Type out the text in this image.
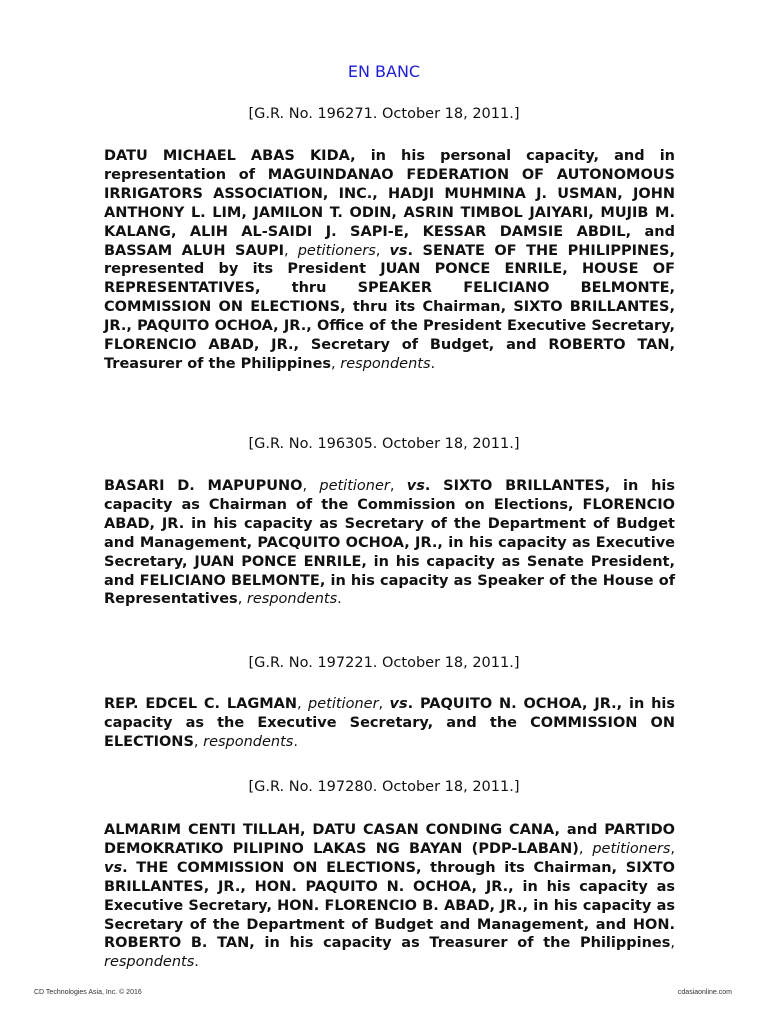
EN BANC
[G.R. No. 196271. October 18, 2011.]
DATU MICHAEL ABAS KIDA, in his personal capacity, and in representation of MAGUINDANAO FEDERATION OF AUTONOMOUS IRRIGATORS ASSOCIATION, INC., HADJI MUHMINA J. USMAN, JOHN ANTHONY L. LIM, JAMILON T. ODIN, ASRIN TIMBOL JAIYARI, MUJIB M. KALANG, ALIH AL-SAIDI J. SAPI-E, KESSAR DAMSIE ABDIL, and BASSAM ALUH SAUPI, petitioners, vs. SENATE OF THE PHILIPPINES, represented by its President JUAN PONCE ENRILE, HOUSE OF REPRESENTATIVES, thru SPEAKER FELICIANO BELMONTE, COMMISSION ON ELECTIONS, thru its Chairman, SIXTO BRILLANTES, JR., PAQUITO OCHOA, JR., Office of the President Executive Secretary, FLORENCIO ABAD, JR., Secretary of Budget, and ROBERTO TAN, Treasurer of the Philippines, respondents.
[G.R. No. 196305. October 18, 2011.]
BASARI D. MAPUPUNO, petitioner, vs. SIXTO BRILLANTES, in his capacity as Chairman of the Commission on Elections, FLORENCIO ABAD, JR. in his capacity as Secretary of the Department of Budget and Management, PACQUITO OCHOA, JR., in his capacity as Executive Secretary, JUAN PONCE ENRILE, in his capacity as Senate President, and FELICIANO BELMONTE, in his capacity as Speaker of the House of Representatives, respondents.
[G.R. No. 197221. October 18, 2011.]
REP. EDCEL C. LAGMAN, petitioner, vs. PAQUITO N. OCHOA, JR., in his capacity as the Executive Secretary, and the COMMISSION ON ELECTIONS, respondents.
[G.R. No. 197280. October 18, 2011.]
ALMARIM CENTI TILLAH, DATU CASAN CONDING CANA, and PARTIDO DEMOKRATIKO PILIPINO LAKAS NG BAYAN (PDP-LABAN), petitioners, vs. THE COMMISSION ON ELECTIONS, through its Chairman, SIXTO BRILLANTES, JR., HON. PAQUITO N. OCHOA, JR., in his capacity as Executive Secretary, HON. FLORENCIO B. ABAD, JR., in his capacity as Secretary of the Department of Budget and Management, and HON. ROBERTO B. TAN, in his capacity as Treasurer of the Philippines, respondents.
CD Technologies Asia, Inc. © 2016	cdasiaonline.com
